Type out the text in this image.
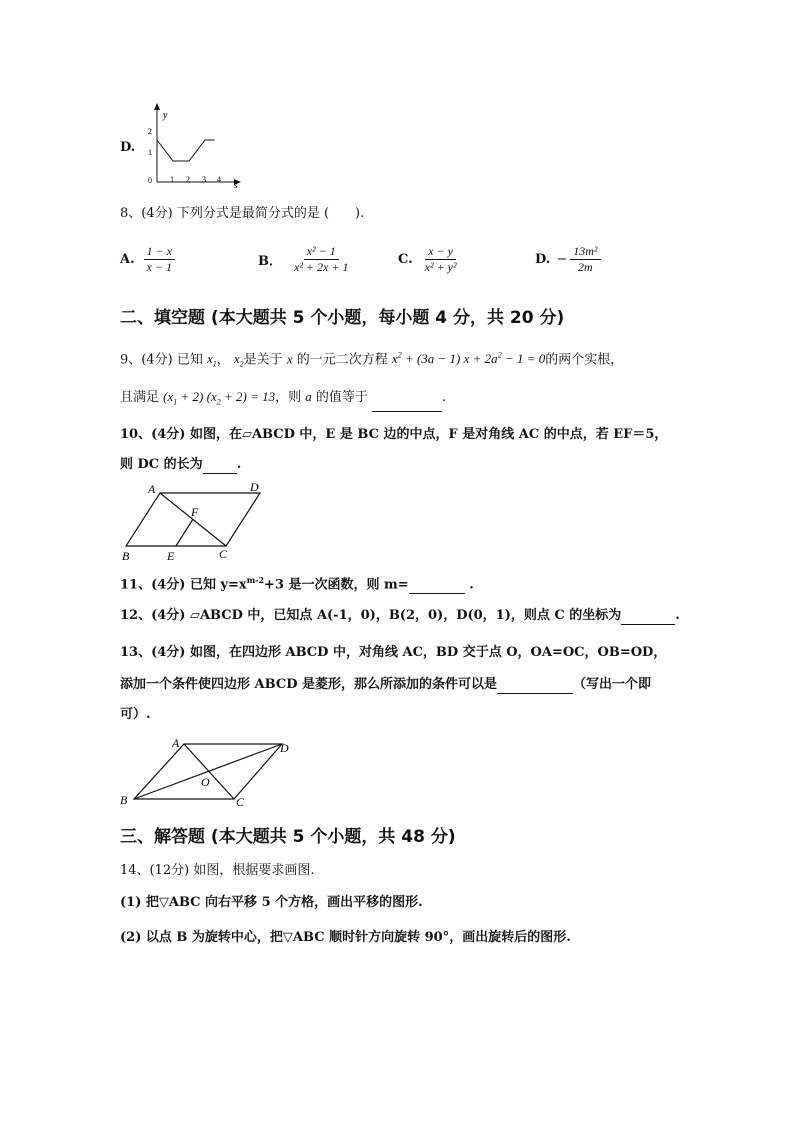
D.
y
s
0 1 2 3 4
1
2
8、(4分) 下列分式是最简分式的是 (　　).
A. $\frac{1 - x}{x - 1}$	B． $\frac{\text{x² − 1}}{\text{x² + 2x + 1}}$	C. $\frac{x - y}{\text{x² + y²}}$	D. − $\frac{\text{13m²}}{2m}$
二、填空题 (本大题共 5 个小题，每小题 4 分，共 20 分)
9、(4分) 已知 $x_1$， $x_2$是关于 x 的一元二次方程 $x^2 + (3a - 1) x + 2a^2 - 1 = 0$的两个实根，
且满足 $(x_1 + 2) (x_2 + 2) = 13$，则 a 的值等于	.
10、(4分) 如图，在▱ABCD 中，E 是 BC 边的中点，F 是对角线 AC 的中点，若 EF＝5，
则 DC 的长为	.
A	D
F
B	E	C
11、(4分) 已知 $y=x^{m-2}+3$ 是一次函数，则 m=	.
12、(4分) ▱ABCD 中，已知点 A(-1，0)，B(2，0)，D(0，1)，则点 C 的坐标为	.
13、(4分) 如图，在四边形 ABCD 中，对角线 AC，BD 交于点 O，OA=OC，OB=OD，
添加一个条件使四边形 ABCD 是菱形，那么所添加的条件可以是	（写出一个即
可）.
A	D
O
B	C
三、解答题 (本大题共 5 个小题，共 48 分)
14、(12分) 如图，根据要求画图.
(1) 把▽ABC 向右平移 5 个方格，画出平移的图形.
(2) 以点 B 为旋转中心，把▽ABC 顺时针方向旋转 90°，画出旋转后的图形.
